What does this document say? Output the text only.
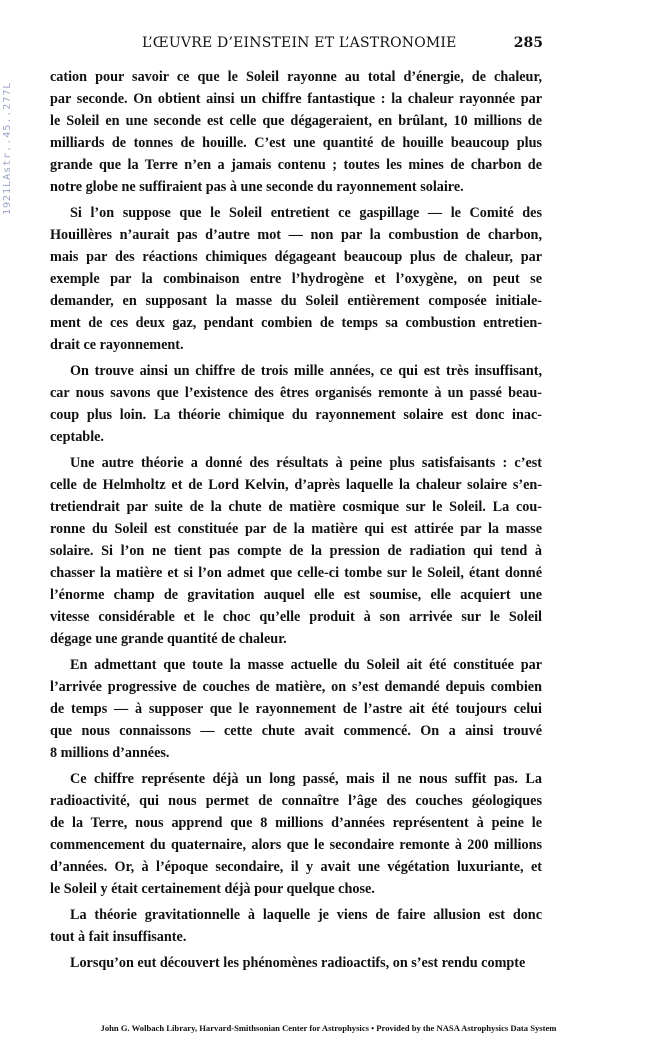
L’ŒUVRE D’EINSTEIN ET L’ASTRONOMIE	285
1921LAstr..45..277L
cation pour savoir ce que le Soleil rayonne au total d’énergie, de chaleur,
par seconde. On obtient ainsi un chiffre fantastique : la chaleur rayonnée par
le Soleil en une seconde est celle que dégageraient, en brûlant, 10 millions de
milliards de tonnes de houille. C’est une quantité de houille beaucoup plus
grande que la Terre n’en a jamais contenu ; toutes les mines de charbon de
notre globe ne suffiraient pas à une seconde du rayonnement solaire.
Si l’on suppose que le Soleil entretient ce gaspillage — le Comité des
Houillères n’aurait pas d’autre mot — non par la combustion de charbon,
mais par des réactions chimiques dégageant beaucoup plus de chaleur, par
exemple par la combinaison entre l’hydrogène et l’oxygène, on peut se
demander, en supposant la masse du Soleil entièrement composée initiale-
ment de ces deux gaz, pendant combien de temps sa combustion entretien-
drait ce rayonnement.
On trouve ainsi un chiffre de trois mille années, ce qui est très insuffisant,
car nous savons que l’existence des êtres organisés remonte à un passé beau-
coup plus loin. La théorie chimique du rayonnement solaire est donc inac-
ceptable.
Une autre théorie a donné des résultats à peine plus satisfaisants : c’est
celle de Helmholtz et de Lord Kelvin, d’après laquelle la chaleur solaire s’en-
tretiendrait par suite de la chute de matière cosmique sur le Soleil. La cou-
ronne du Soleil est constituée par de la matière qui est attirée par la masse
solaire. Si l’on ne tient pas compte de la pression de radiation qui tend à
chasser la matière et si l’on admet que celle-ci tombe sur le Soleil, étant donné
l’énorme champ de gravitation auquel elle est soumise, elle acquiert une
vitesse considérable et le choc qu’elle produit à son arrivée sur le Soleil
dégage une grande quantité de chaleur.
En admettant que toute la masse actuelle du Soleil ait été constituée par
l’arrivée progressive de couches de matière, on s’est demandé depuis combien
de temps — à supposer que le rayonnement de l’astre ait été toujours celui
que nous connaissons — cette chute avait commencé. On a ainsi trouvé
8 millions d’années.
Ce chiffre représente déjà un long passé, mais il ne nous suffit pas. La
radioactivité, qui nous permet de connaître l’âge des couches géologiques
de la Terre, nous apprend que 8 millions d’années représentent à peine le
commencement du quaternaire, alors que le secondaire remonte à 200 millions
d’années. Or, à l’époque secondaire, il y avait une végétation luxuriante, et
le Soleil y était certainement déjà pour quelque chose.
La théorie gravitationnelle à laquelle je viens de faire allusion est donc
tout à fait insuffisante.
Lorsqu’on eut découvert les phénomènes radioactifs, on s’est rendu compte
John G. Wolbach Library, Harvard-Smithsonian Center for Astrophysics • Provided by the NASA Astrophysics Data System
